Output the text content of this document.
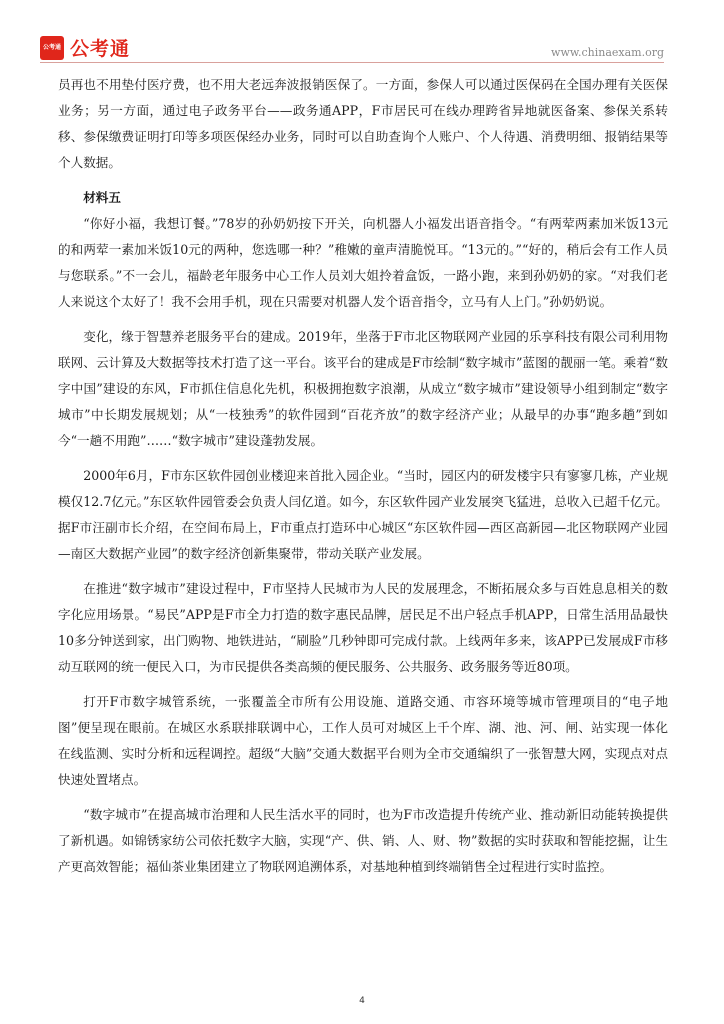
公考通 公考通	www.chinaexam.org

员再也不用垫付医疗费，也不用大老远奔波报销医保了。一方面，参保人可以通过医保码在全国办理有关医保业务；另一方面，通过电子政务平台——政务通APP，F市居民可在线办理跨省异地就医备案、参保关系转移、参保缴费证明打印等多项医保经办业务，同时可以自助查询个人账户、个人待遇、消费明细、报销结果等个人数据。

材料五

“你好小福，我想订餐。”78岁的孙奶奶按下开关，向机器人小福发出语音指令。“有两荤两素加米饭13元的和两荤一素加米饭10元的两种，您选哪一种？”稚嫩的童声清脆悦耳。“13元的。”“好的，稍后会有工作人员与您联系。”不一会儿，福龄老年服务中心工作人员刘大姐拎着盒饭，一路小跑，来到孙奶奶的家。“对我们老人来说这个太好了！我不会用手机，现在只需要对机器人发个语音指令，立马有人上门。”孙奶奶说。

变化，缘于智慧养老服务平台的建成。2019年，坐落于F市北区物联网产业园的乐享科技有限公司利用物联网、云计算及大数据等技术打造了这一平台。该平台的建成是F市绘制“数字城市”蓝图的靓丽一笔。乘着“数字中国”建设的东风，F市抓住信息化先机，积极拥抱数字浪潮，从成立“数字城市”建设领导小组到制定“数字城市”中长期发展规划；从“一枝独秀”的软件园到“百花齐放”的数字经济产业；从最早的办事“跑多趟”到如今“一趟不用跑”……“数字城市”建设蓬勃发展。

2000年6月，F市东区软件园创业楼迎来首批入园企业。“当时，园区内的研发楼宇只有寥寥几栋，产业规模仅12.7亿元。”东区软件园管委会负责人闫亿道。如今，东区软件园产业发展突飞猛进，总收入已超千亿元。据F市汪副市长介绍，在空间布局上，F市重点打造环中心城区“东区软件园—西区高新园—北区物联网产业园—南区大数据产业园”的数字经济创新集聚带，带动关联产业发展。

在推进“数字城市”建设过程中，F市坚持人民城市为人民的发展理念，不断拓展众多与百姓息息相关的数字化应用场景。“易民”APP是F市全力打造的数字惠民品牌，居民足不出户轻点手机APP，日常生活用品最快10多分钟送到家，出门购物、地铁进站，“刷脸”几秒钟即可完成付款。上线两年多来，该APP已发展成F市移动互联网的统一便民入口，为市民提供各类高频的便民服务、公共服务、政务服务等近80项。

打开F市数字城管系统，一张覆盖全市所有公用设施、道路交通、市容环境等城市管理项目的“电子地图”便呈现在眼前。在城区水系联排联调中心，工作人员可对城区上千个库、湖、池、河、闸、站实现一体化在线监测、实时分析和远程调控。超级“大脑”交通大数据平台则为全市交通编织了一张智慧大网，实现点对点快速处置堵点。

“数字城市”在提高城市治理和人民生活水平的同时，也为F市改造提升传统产业、推动新旧动能转换提供了新机遇。如锦锈家纺公司依托数字大脑，实现“产、供、销、人、财、物”数据的实时获取和智能挖掘，让生产更高效智能；福仙茶业集团建立了物联网追溯体系，对基地种植到终端销售全过程进行实时监控。

4
